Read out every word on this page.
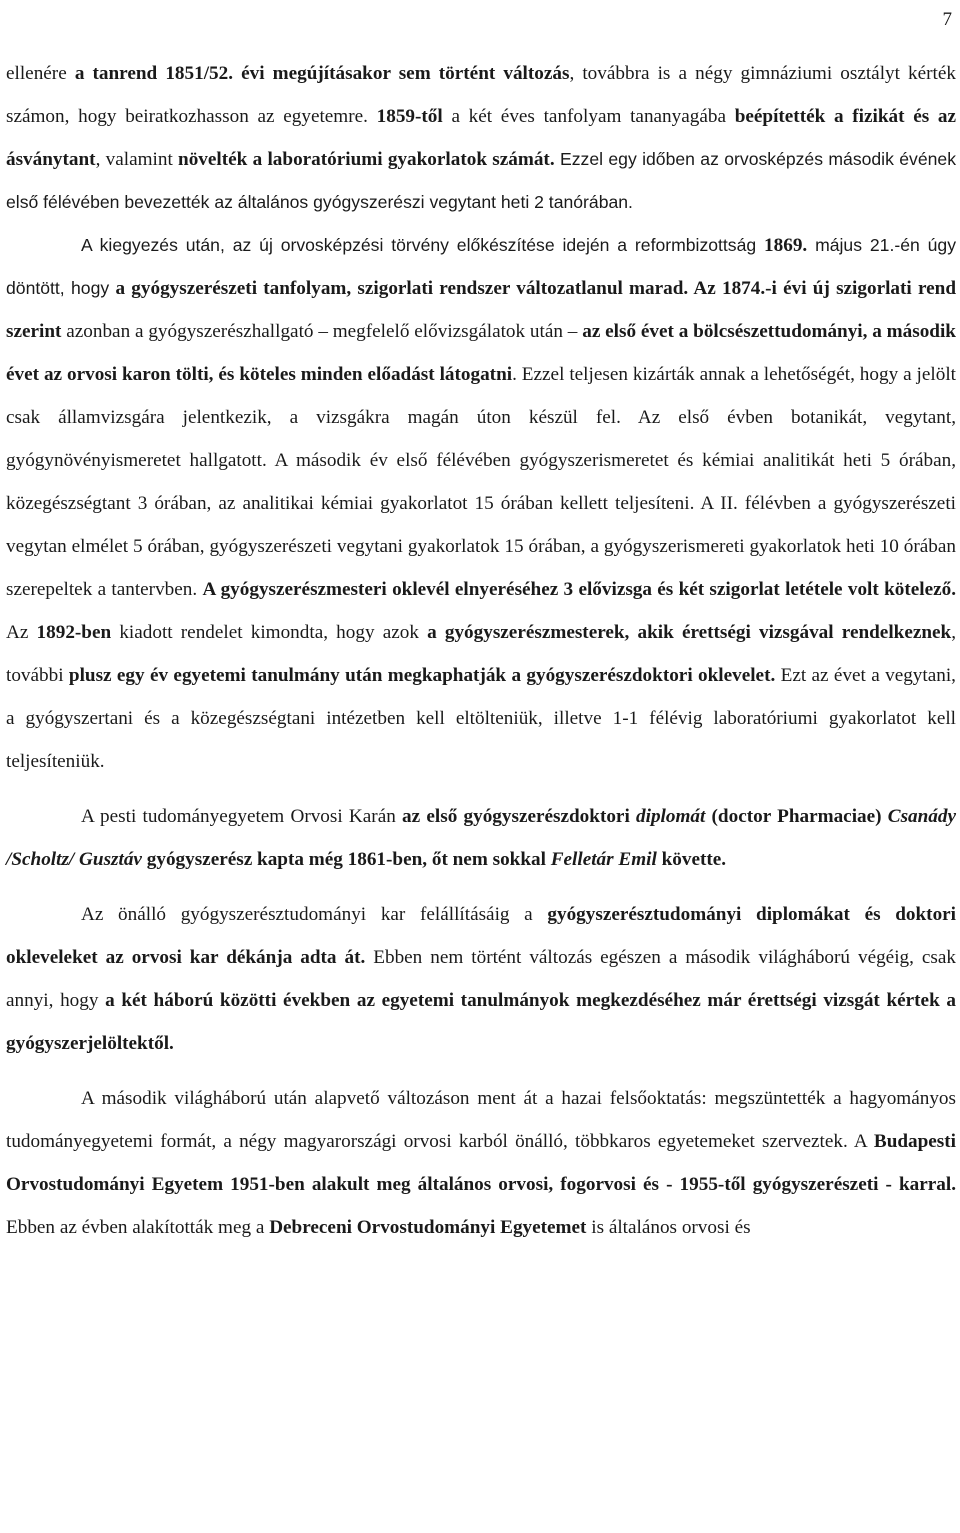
7

ellenére a tanrend 1851/52. évi megújításakor sem történt változás, továbbra is a négy gimnáziumi osztályt kérték számon, hogy beiratkozhasson az egyetemre. 1859-től a két éves tanfolyam tananyagába beépítették a fizikát és az ásványtant, valamint növelték a laboratóriumi gyakorlatok számát. Ezzel egy időben az orvosképzés második évének első félévében bevezették az általános gyógyszerészi vegytant heti 2 tanórában.

A kiegyezés után, az új orvosképzési törvény előkészítése idején a reformbizottság 1869. május 21.-én úgy döntött, hogy a gyógyszerészeti tanfolyam, szigorlati rendszer változatlanul marad. Az 1874.-i évi új szigorlati rend szerint azonban a gyógyszerészhallgató – megfelelő elővizsgálatok után – az első évet a bölcsészettudományi, a második évet az orvosi karon tölti, és köteles minden előadást látogatni. Ezzel teljesen kizárták annak a lehetőségét, hogy a jelölt csak államvizsgára jelentkezik, a vizsgákra magán úton készül fel. Az első évben botanikát, vegytant, gyógynövényismeretet hallgatott. A második év első félévében gyógyszerismeretet és kémiai analitikát heti 5 órában, közegészségtant 3 órában, az analitikai kémiai gyakorlatot 15 órában kellett teljesíteni. A II. félévben a gyógyszerészeti vegytan elmélet 5 órában, gyógyszerészeti vegytani gyakorlatok 15 órában, a gyógyszerismereti gyakorlatok heti 10 órában szerepeltek a tantervben. A gyógyszerészmesteri oklevél elnyeréséhez 3 elővizsga és két szigorlat letétele volt kötelező. Az 1892-ben kiadott rendelet kimondta, hogy azok a gyógyszerészmesterek, akik érettségi vizsgával rendelkeznek, további plusz egy év egyetemi tanulmány után megkaphatják a gyógyszerészdoktori oklevelet. Ezt az évet a vegytani, a gyógyszertani és a közegészségtani intézetben kell eltölteniük, illetve 1-1 félévig laboratóriumi gyakorlatot kell teljesíteniük.

A pesti tudományegyetem Orvosi Karán az első gyógyszerészdoktori diplomát (doctor Pharmaciae) Csanády /Scholtz/ Gusztáv gyógyszerész kapta még 1861-ben, őt nem sokkal Felletár Emil követte.

Az önálló gyógyszerésztudományi kar felállításáig a gyógyszerésztudományi diplomákat és doktori okleveleket az orvosi kar dékánja adta át. Ebben nem történt változás egészen a második világháború végéig, csak annyi, hogy a két háború közötti években az egyetemi tanulmányok megkezdéséhez már érettségi vizsgát kértek a gyógyszerjelöltektől.

A második világháború után alapvető változáson ment át a hazai felsőoktatás: megszüntették a hagyományos tudományegyetemi formát, a négy magyarországi orvosi karból önálló, többkaros egyetemeket szerveztek. A Budapesti Orvostudományi Egyetem 1951-ben alakult meg általános orvosi, fogorvosi és - 1955-től gyógyszerészeti - karral. Ebben az évben alakították meg a Debreceni Orvostudományi Egyetemet is általános orvosi és
